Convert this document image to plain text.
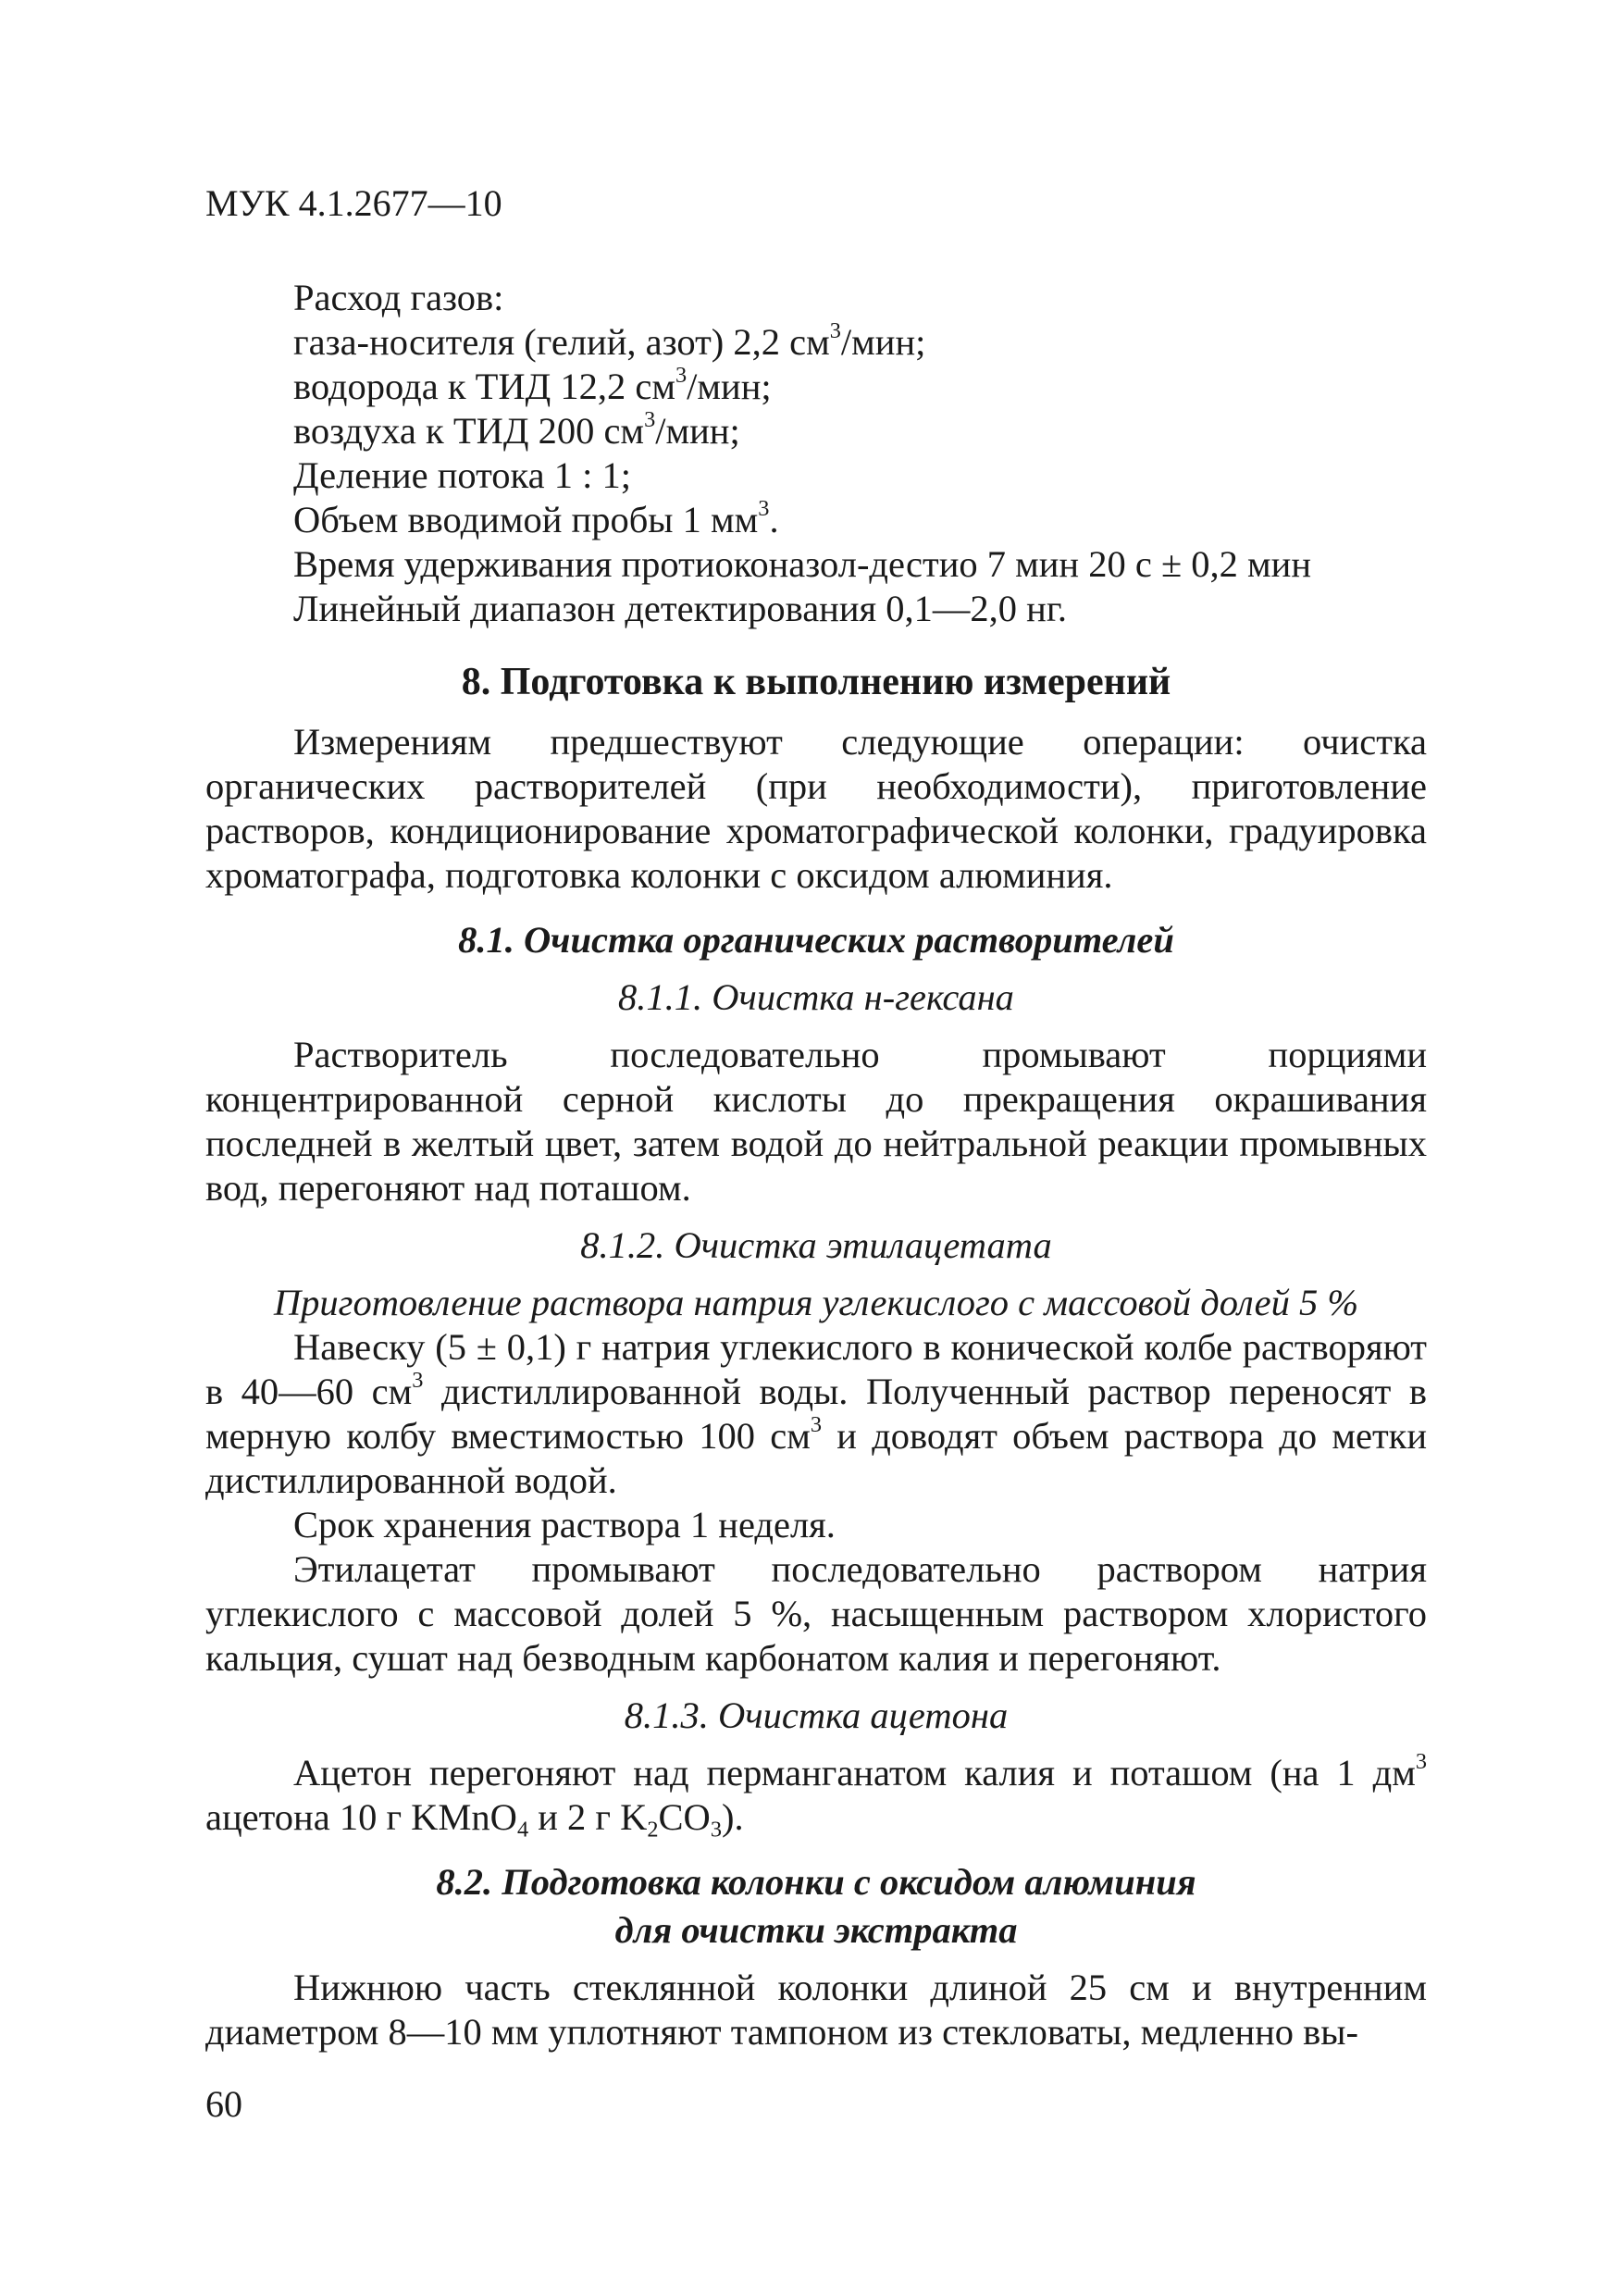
МУК 4.1.2677—10
Расход газов:
газа-носителя (гелий, азот) 2,2 $см^3$/мин;
водорода к ТИД 12,2 $см^3$/мин;
воздуха к ТИД 200 $см^3$/мин;
Деление потока 1 : 1;
Объем вводимой пробы 1 $мм^3$.
Время удерживания протиоконазол-дестио 7 мин 20 с ± 0,2 мин
Линейный диапазон детектирования 0,1—2,0 нг.
8. Подготовка к выполнению измерений

Измерениям предшествуют следующие операции: очистка органических растворителей (при необходимости), приготовление растворов, кондиционирование хроматографической колонки, градуировка хроматографа, подготовка колонки с оксидом алюминия.

8.1. Очистка органических растворителей
8.1.1. Очистка н-гексана

Растворитель последовательно промывают порциями концентрированной серной кислоты до прекращения окрашивания последней в желтый цвет, затем водой до нейтральной реакции промывных вод, перегоняют над поташом.

8.1.2. Очистка этилацетата
Приготовление раствора натрия углекислого с массовой долей 5 %

Навеску (5 ± 0,1) г натрия углекислого в конической колбе растворяют в 40—60 $см^3$ дистиллированной воды. Полученный раствор переносят в мерную колбу вместимостью 100 $см^3$ и доводят объем раствора до метки дистиллированной водой.

Срок хранения раствора 1 неделя.

Этилацетат промывают последовательно раствором натрия углекислого с массовой долей 5 %, насыщенным раствором хлористого кальция, сушат над безводным карбонатом калия и перегоняют.

8.1.3. Очистка ацетона

Ацетон перегоняют над перманганатом калия и поташом (на 1 $дм^3$ ацетона 10 г KMnO$_4$ и 2 г $K_2CO_3$).

8.2. Подготовка колонки с оксидом алюминия
для очистки экстракта

Нижнюю часть стеклянной колонки длиной 25 см и внутренним диаметром 8—10 мм уплотняют тампоном из стекловаты, медленно вы-

60
